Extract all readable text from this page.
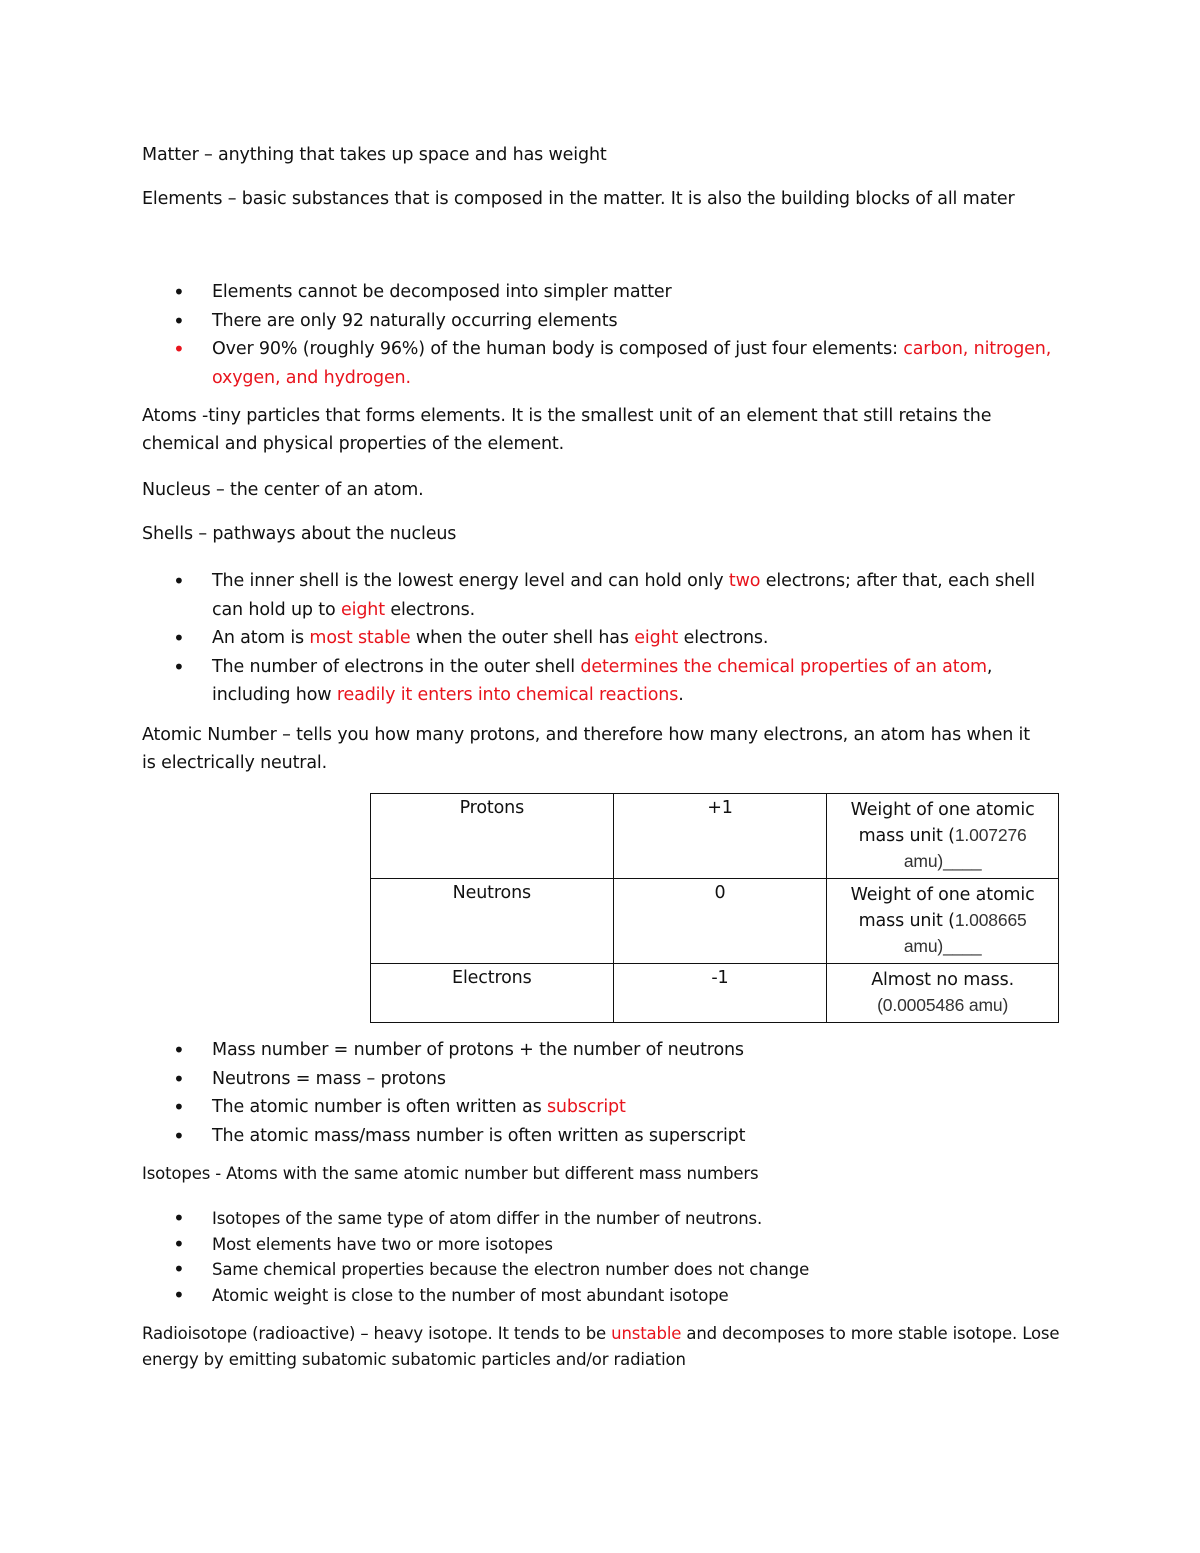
Matter – anything that takes up space and has weight
Elements – basic substances that is composed in the matter. It is also the building blocks of all mater
• Elements cannot be decomposed into simpler matter
• There are only 92 naturally occurring elements
• Over 90% (roughly 96%) of the human body is composed of just four elements: carbon, nitrogen,
oxygen, and hydrogen.
Atoms -tiny particles that forms elements. It is the smallest unit of an element that still retains the
chemical and physical properties of the element.
Nucleus – the center of an atom.
Shells – pathways about the nucleus
• The inner shell is the lowest energy level and can hold only two electrons; after that, each shell
can hold up to eight electrons.
• An atom is most stable when the outer shell has eight electrons.
• The number of electrons in the outer shell determines the chemical properties of an atom,
including how readily it enters into chemical reactions.
Atomic Number – tells you how many protons, and therefore how many electrons, an atom has when it
is electrically neutral.
Protons	+1	Weight of one atomic
mass unit (1.007276
amu)____

Neutrons	0	Weight of one atomic
mass unit (1.008665
amu)____

Electrons	-1	Almost no mass.
(0.0005486 amu)
• Mass number = number of protons + the number of neutrons
• Neutrons = mass – protons
• The atomic number is often written as subscript
• The atomic mass/mass number is often written as superscript
Isotopes - Atoms with the same atomic number but different mass numbers
• Isotopes of the same type of atom differ in the number of neutrons.
• Most elements have two or more isotopes
• Same chemical properties because the electron number does not change
• Atomic weight is close to the number of most abundant isotope
Radioisotope (radioactive) – heavy isotope. It tends to be unstable and decomposes to more stable isotope. Lose
energy by emitting subatomic subatomic particles and/or radiation
